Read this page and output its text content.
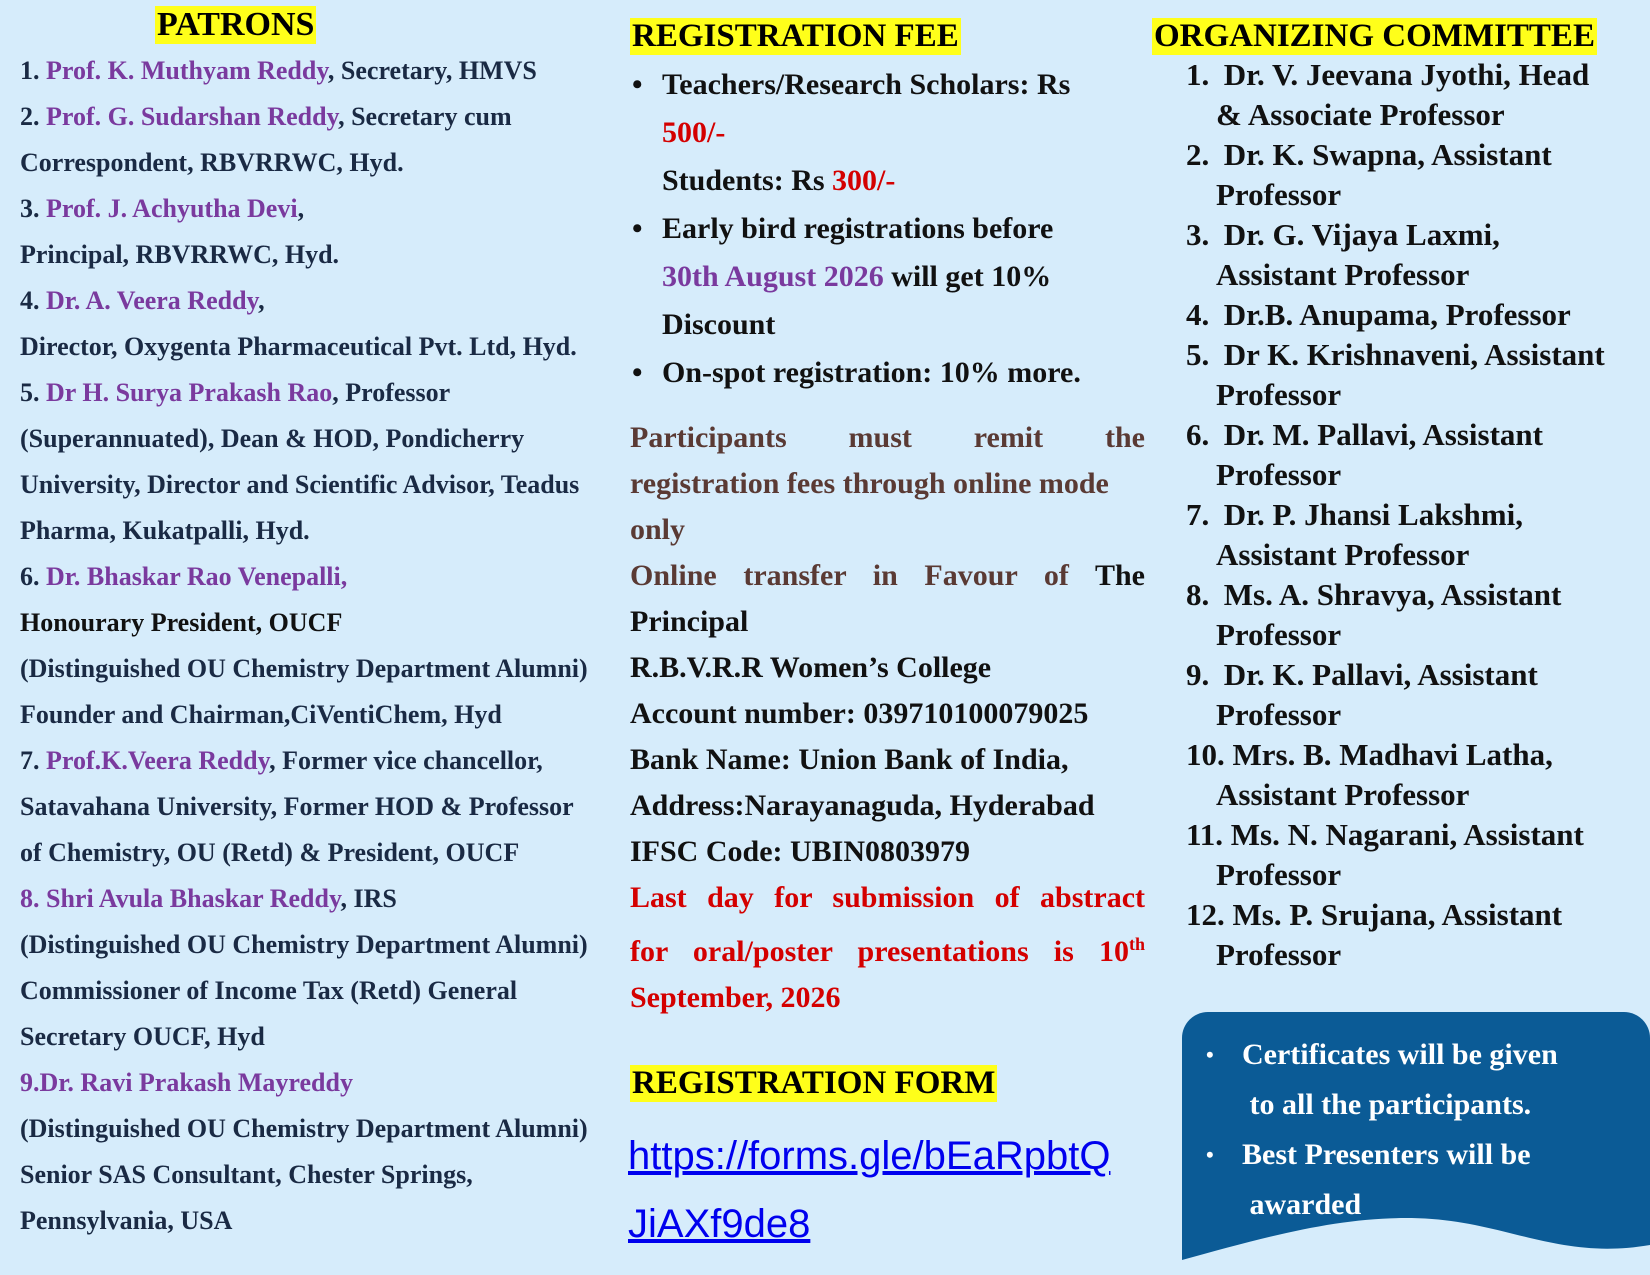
PATRONS
1. Prof. K. Muthyam Reddy, Secretary, HMVS
2. Prof. G. Sudarshan Reddy, Secretary cum
Correspondent, RBVRRWC, Hyd.
3. Prof. J. Achyutha Devi,
Principal, RBVRRWC, Hyd.
4. Dr. A. Veera Reddy,
Director, Oxygenta Pharmaceutical Pvt. Ltd, Hyd.
5. Dr H. Surya Prakash Rao, Professor
(Superannuated), Dean & HOD, Pondicherry
University, Director and Scientific Advisor, Teadus
Pharma, Kukatpalli, Hyd.
6. Dr. Bhaskar Rao Venepalli,
Honourary President, OUCF
(Distinguished OU Chemistry Department Alumni)
Founder and Chairman,CiVentiChem, Hyd
7. Prof.K.Veera Reddy, Former vice chancellor,
Satavahana University, Former HOD & Professor
of Chemistry, OU (Retd) & President, OUCF
8. Shri Avula Bhaskar Reddy, IRS
(Distinguished OU Chemistry Department Alumni)
Commissioner of Income Tax (Retd) General
Secretary OUCF, Hyd
9.Dr. Ravi Prakash Mayreddy
(Distinguished OU Chemistry Department Alumni)
Senior SAS Consultant, Chester Springs,
Pennsylvania, USA
REGISTRATION FEE
• Teachers/Research Scholars: Rs
500/-
Students: Rs 300/-
• Early bird registrations before
30th August 2026 will get 10%
Discount
• On-spot registration: 10% more.
Participants must remit the
registration fees through online mode
only
Online transfer in Favour of The
Principal
R.B.V.R.R Women’s College
Account number: 039710100079025
Bank Name: Union Bank of India,
Address:Narayanaguda, Hyderabad
IFSC Code: UBIN0803979
Last day for submission of abstract
for oral/poster presentations is 10th
September, 2026
REGISTRATION FORM
https://forms.gle/bEaRpbtQ
JiAXf9de8
ORGANIZING COMMITTEE
1. Dr. V. Jeevana Jyothi, Head
& Associate Professor
2. Dr. K. Swapna, Assistant
Professor
3. Dr. G. Vijaya Laxmi,
Assistant Professor
4. Dr.B. Anupama, Professor
5. Dr K. Krishnaveni, Assistant
Professor
6. Dr. M. Pallavi, Assistant
Professor
7. Dr. P. Jhansi Lakshmi,
Assistant Professor
8. Ms. A. Shravya, Assistant
Professor
9. Dr. K. Pallavi, Assistant
Professor
10. Mrs. B. Madhavi Latha,
Assistant Professor
11. Ms. N. Nagarani, Assistant
Professor
12. Ms. P. Srujana, Assistant
Professor
• Certificates will be given
to all the participants.
• Best Presenters will be
awarded
